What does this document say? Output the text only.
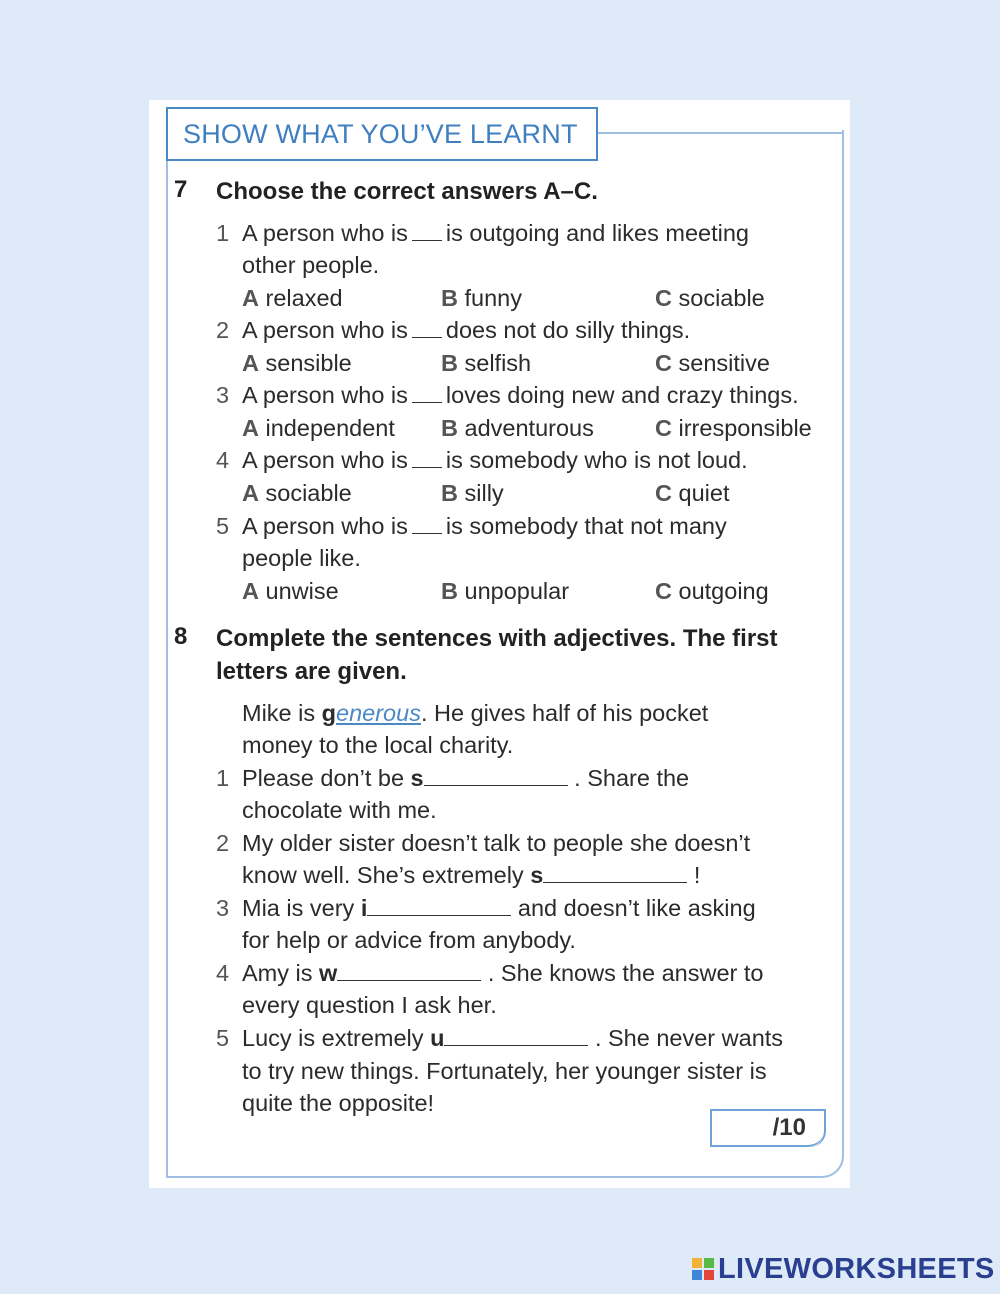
SHOW WHAT YOU’VE LEARNT
7 Choose the correct answers A–C.
1 A person who is is outgoing and likes meeting
other people.
A relaxed	B funny	C sociable
2 A person who is does not do silly things.
A sensible	B selfish	C sensitive
3 A person who is loves doing new and crazy things.
A independent B adventurous	C irresponsible
4 A person who is is somebody who is not loud.
A sociable	B silly	C quiet
5 A person who is is somebody that not many
people like.
A unwise	B unpopular	C outgoing
8 Complete the sentences with adjectives. The first
letters are given.
Mike is generous. He gives half of his pocket
money to the local charity.
1 Please don’t be s	. Share the
chocolate with me.
2 My older sister doesn’t talk to people she doesn’t
know well. She’s extremely s	!
3 Mia is very i	and doesn’t like asking
for help or advice from anybody.
4 Amy is w	. She knows the answer to
every question I ask her.
5 Lucy is extremely u	. She never wants
to try new things. Fortunately, her younger sister is
quite the opposite!
/10
LIVEWORKSHEETS
